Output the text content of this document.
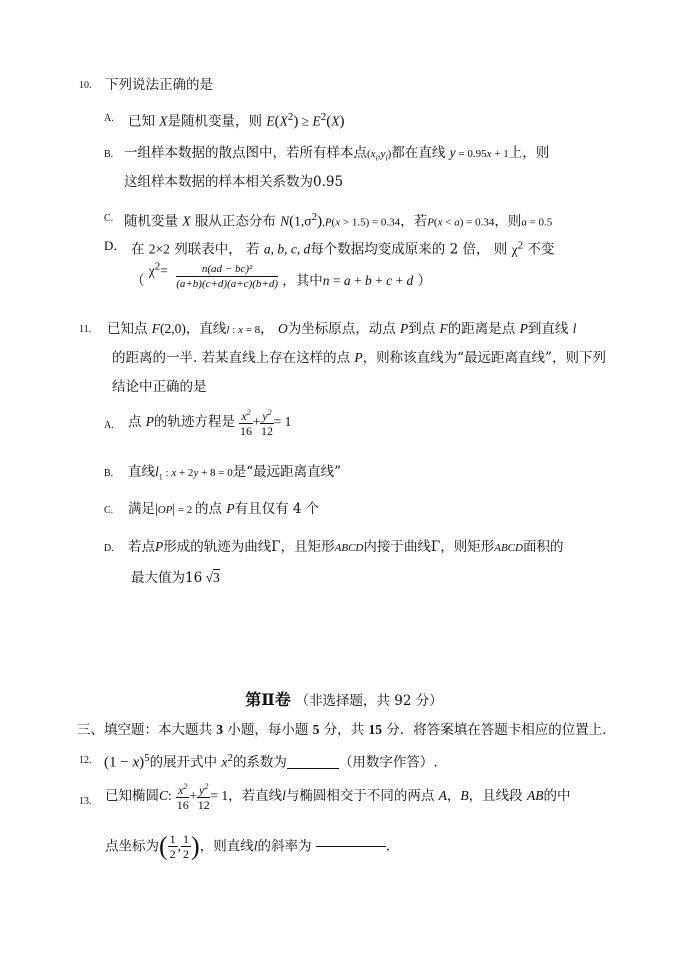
10. 下列说法正确的是
A. 已知 X是随机变量，则 $E(X^2) \ge E^2(X)$
B. 一组样本数据的散点图中，若所有样本点$(x_i,y_i)$都在直线 y = 0.95x + 1上，则
这组样本数据的样本相关系数为0.95
C. 随机变量 X 服从正态分布 $N(1,\sigma^2),P(x > 1.5) = 0.34$，若P(x < a) = 0.34，则a = 0.5
D． 在 2×2 列联表中， 若 a, b, c, d每个数据均变成原来的 2 倍， 则 $\chi^2$ 不变
（ $\chi^2= \frac{\text{n(ad − bc)²}}{(a+b)(c+d)(a+c)(b+d)}$ ，其中n = a + b + c + d ）
11. 已知点 F(2,0)，直线l : x = 8， O为坐标原点，动点 P到点 F的距离是点 P到直线 l
的距离的一半. 若某直线上存在这样的点 P，则称该直线为“最远距离直线”，则下列
结论中正确的是
A. 点 P的轨迹方程是 $\frac{x^2}{16} + \frac{y^2}{12} = 1$
B. 直线$l_1$ : x + 2y + 8 = 0是“最远距离直线”
C. 满足|OP| = 2 的点 P有且仅有 4 个
D. 若点P形成的轨迹为曲线Γ，且矩形ABCD内接于曲线Γ，则矩形ABCD面积的
最大值为16 √3
第Ⅱ卷 （非选择题，共 92 分）
三、填空题：本大题共 3 小题，每小题 5 分，共 15 分．将答案填在答题卡相应的位置上．
12. $(1 - x)^5$的展开式中 $x^2$的系数为	（用数字作答）.
13. 已知椭圆C: $\frac{x^2}{16} + \frac{y^2}{12} = 1$，若直线l与椭圆相交于不同的两点 A，B，且线段 AB的中
点坐标为( $\frac{1}{2}$ , $\frac{1}{2}$ )，则直线l的斜率为	.
